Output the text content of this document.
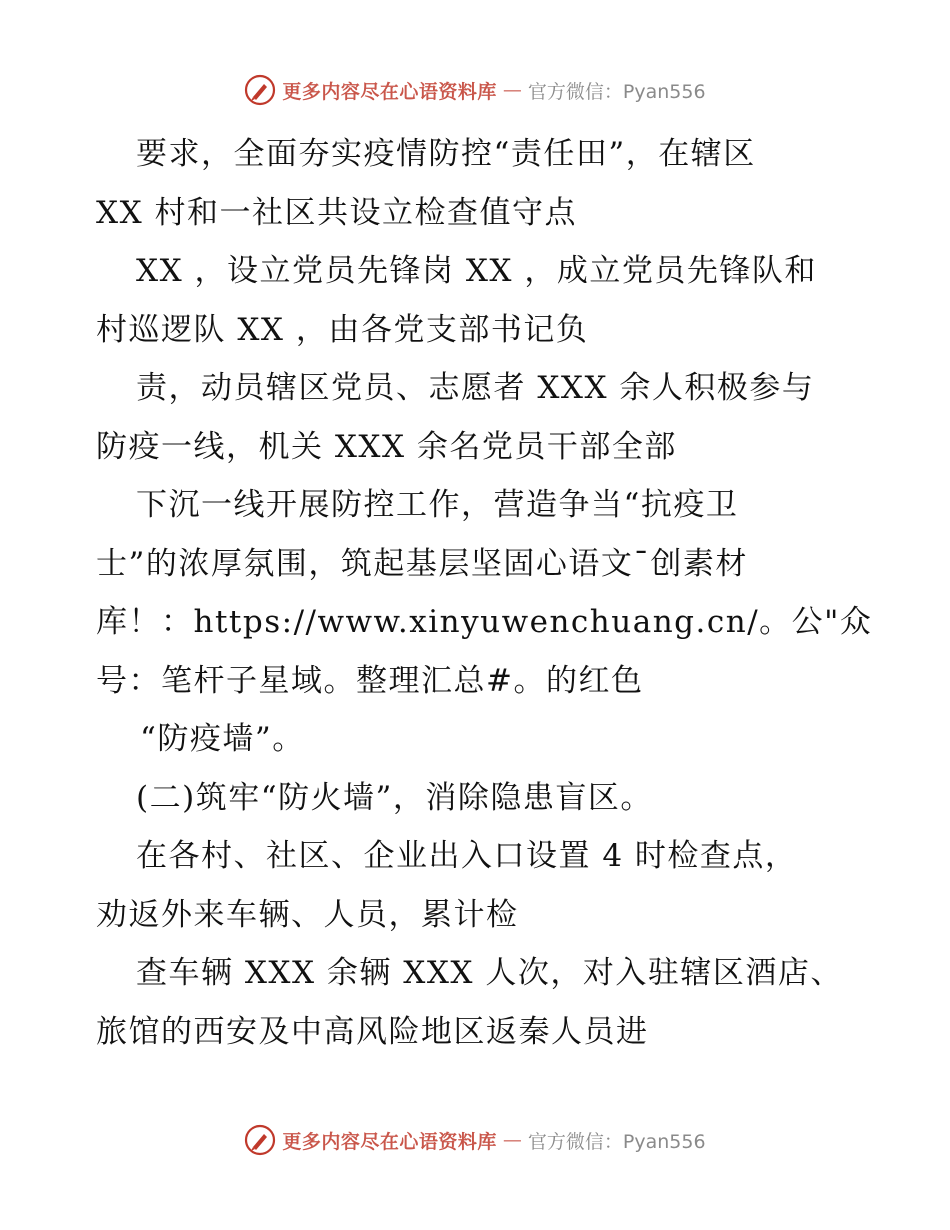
更多内容尽在心语资料库 — 官方微信：Pyan556
要求，全面夯实疫情防控“责任田”，在辖区
XX 村和一社区共设立检查值守点
XX ，设立党员先锋岗 XX ，成立党员先锋队和
村巡逻队 XX ，由各党支部书记负
责，动员辖区党员、志愿者 XXX 余人积极参与
防疫一线，机关 XXX 余名党员干部全部
下沉一线开展防控工作，营造争当“抗疫卫
士”的浓厚氛围，筑起基层坚固心语文¯创素材
库！：https://www.xinyuwenchuang.cn/。公"众
号：笔杆子星域。整理汇总#。的红色
“防疫墙”。
(二)筑牢“防火墙”，消除隐患盲区。
在各村、社区、企业出入口设置 4 时检查点，
劝返外来车辆、人员，累计检
查车辆 XXX 余辆 XXX 人次，对入驻辖区酒店、
旅馆的西安及中高风险地区返秦人员进
更多内容尽在心语资料库 — 官方微信：Pyan556
